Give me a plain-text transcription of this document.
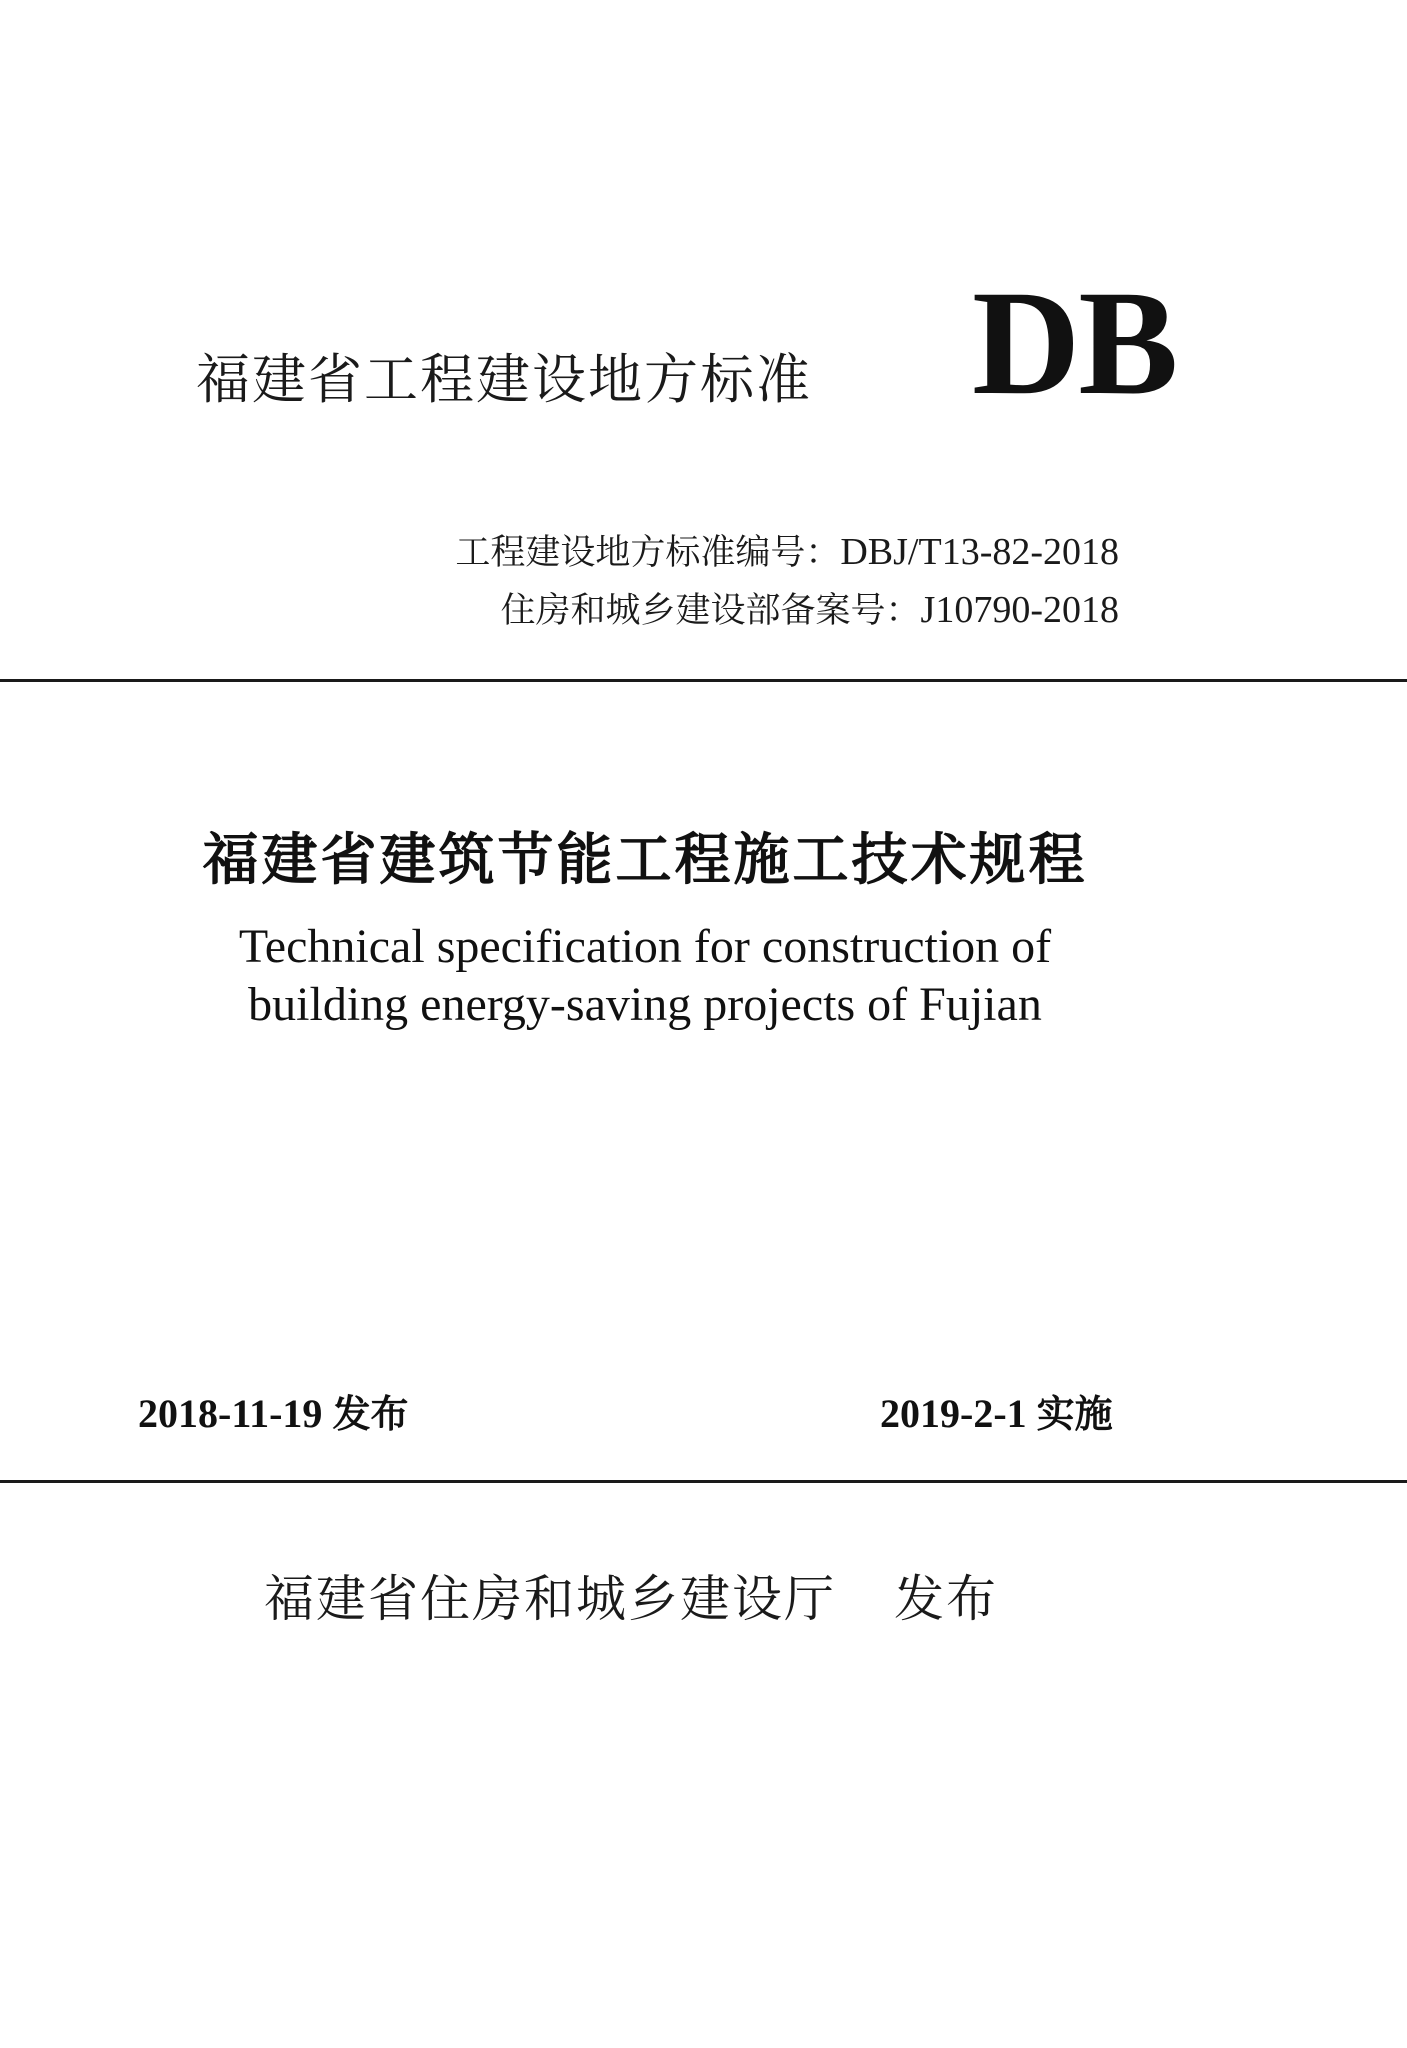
福建省工程建设地方标准 DB
工程建设地方标准编号：DBJ/T13-82-2018
住房和城乡建设部备案号：J10790-2018
福建省建筑节能工程施工技术规程
Technical specification for construction of
building energy-saving projects of Fujian
2018-11-19 发布	2019-2-1 实施
福建省住房和城乡建设厅 发布
